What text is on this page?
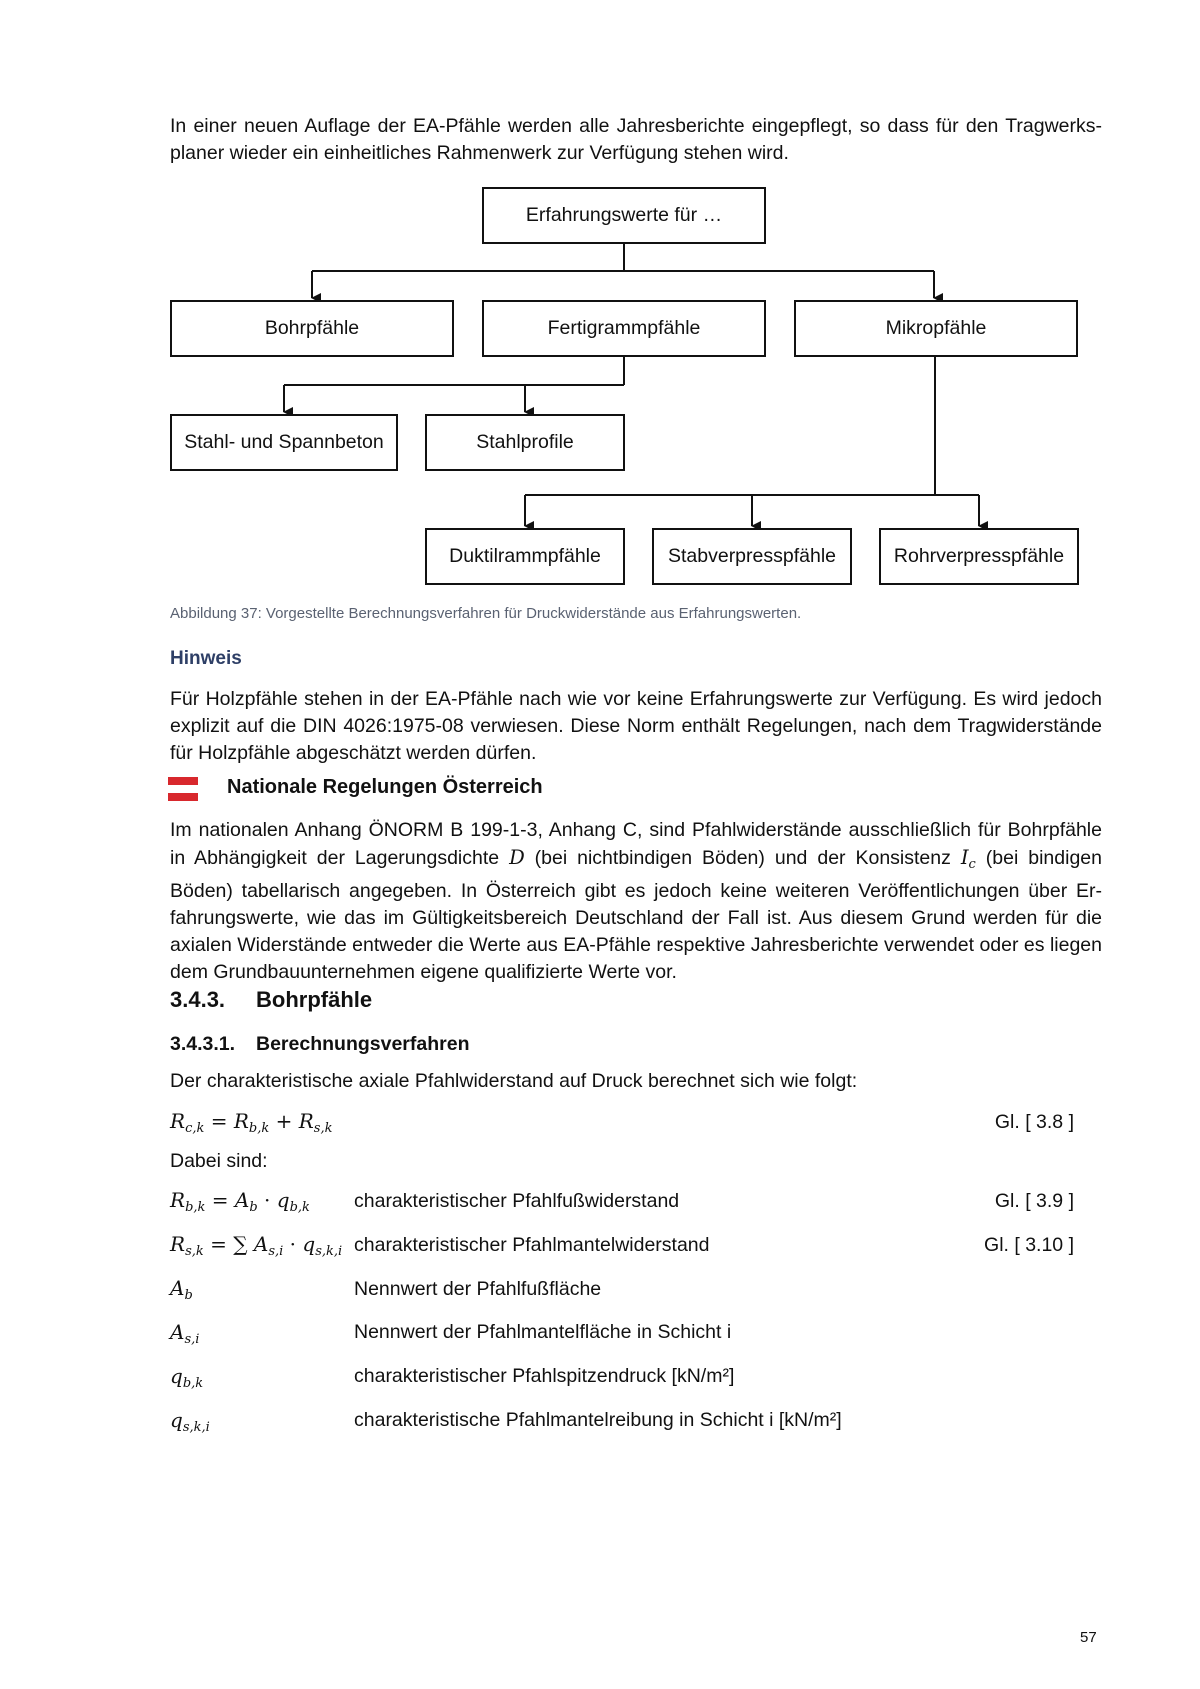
In einer neuen Auflage der EA-Pfähle werden alle Jahresberichte eingepflegt, so dass für den Tragwerksplaner wieder ein einheitliches Rahmenwerk zur Verfügung stehen wird.

Erfahrungswerte für …
Bohrpfähle	Fertigrammpfähle	Mikropfähle
Stahl- und Spannbeton	Stahlprofile
Duktilrammpfähle	Stabverpresspfähle	Rohrverpresspfähle
Abbildung 37: Vorgestellte Berechnungsverfahren für Druckwiderstände aus Erfahrungswerten.
Hinweis

Für Holzpfähle stehen in der EA-Pfähle nach wie vor keine Erfahrungswerte zur Verfügung. Es wird jedoch explizit auf die DIN 4026:1975-08 verwiesen. Diese Norm enthält Regelungen, nach dem Tragwiderstände für Holzpfähle abgeschätzt werden dürfen.

Nationale Regelungen Österreich

Im nationalen Anhang ÖNORM B 199-1-3, Anhang C, sind Pfahlwiderstände ausschließlich für Bohrpfähle in Abhängigkeit der Lagerungsdichte D (bei nichtbindigen Böden) und der Konsistenz $I_c$ (bei bindigen Böden) tabellarisch angegeben. In Österreich gibt es jedoch keine weiteren Veröffentlichungen über Erfahrungswerte, wie das im Gültigkeitsbereich Deutschland der Fall ist. Aus diesem Grund werden für die axialen Widerstände entweder die Werte aus EA-Pfähle respektive Jahresberichte verwendet oder es liegen dem Grundbauunternehmen eigene qualifizierte Werte vor.

3.4.3. Bohrpfähle
3.4.3.1. Berechnungsverfahren
Der charakteristische axiale Pfahlwiderstand auf Druck berechnet sich wie folgt:
$R_{c,k} = R_{b,k} + R_{s,k}$	Gl. [ 3.8 ]
Dabei sind:
$R_{b,k} = A_b \cdot q_{b,k}$ charakteristischer Pfahlfußwiderstand	Gl. [ 3.9 ]
$R_{s,k}$ = ∑ $A_{s,i} \cdot q_{s,k,i}$ charakteristischer Pfahlmantelwiderstand	Gl. [ 3.10 ]
$A_b$	Nennwert der Pfahlfußfläche
$A_{s,i}$	Nennwert der Pfahlmantelfläche in Schicht i
$q_{b,k}$	charakteristischer Pfahlspitzendruck [kN/m²]
$q_{s,k,i}$	charakteristische Pfahlmantelreibung in Schicht i [kN/m²]
57
